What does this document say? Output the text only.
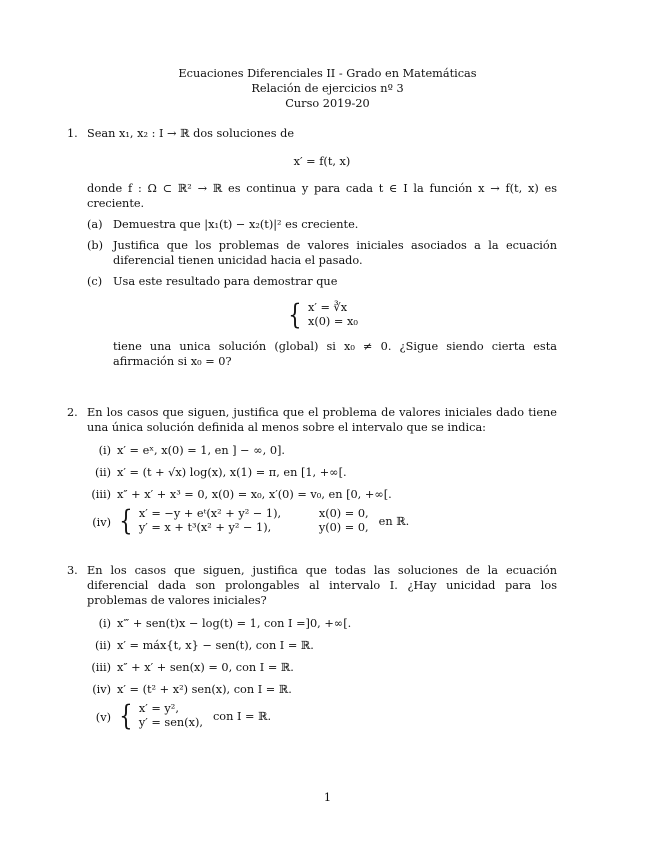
Ecuaciones Diferenciales II - Grado en Matemáticas
Relación de ejercicios nº 3
Curso 2019-20
1. Sean x₁, x₂ : I → ℝ dos soluciones de
x′ = f(t, x)
donde f : Ω ⊂ ℝ² → ℝ es continua y para cada t ∈ I la función x → f(t, x) es creciente.
(a) Demuestra que |x₁(t) − x₂(t)|² es creciente.
(b) Justifica que los problemas de valores iniciales asociados a la ecuación diferencial tienen unicidad hacia el pasado.
(c) Usa este resultado para demostrar que
{ x′ = ∛x
x(0) = x₀
tiene una unica solución (global) si x₀ ≠ 0. ¿Sigue siendo cierta esta afirmación si x₀ = 0?
2. En los casos que siguen, justifica que el problema de valores iniciales dado tiene una única solución definida al menos sobre el intervalo que se indica:
(i) x′ = eˣ, x(0) = 1, en ] − ∞, 0].
(ii) x′ = (t + √x) log(x), x(1) = π, en [1, +∞[.
(iii) x″ + x′ + x³ = 0, x(0) = x₀, x′(0) = v₀, en [0, +∞[.
(iv) { x′ = −y + eᵗ(x² + y² − 1),	x(0) = 0,
y′ = x + t³(x² + y² − 1),	y(0) = 0, en ℝ.
3. En los casos que siguen, justifica que todas las soluciones de la ecuación diferencial dada son prolongables al intervalo I. ¿Hay unicidad para los problemas de valores iniciales?
(i) x‴ + sen(t)x − log(t) = 1, con I =]0, +∞[.
(ii) x′ = máx{t, x} − sen(t), con I = ℝ.
(iii) x″ + x′ + sen(x) = 0, con I = ℝ.
(iv) x′ = (t² + x²) sen(x), con I = ℝ.
(v) { x′ = y²,
y′ = sen(x), con I = ℝ.
1
